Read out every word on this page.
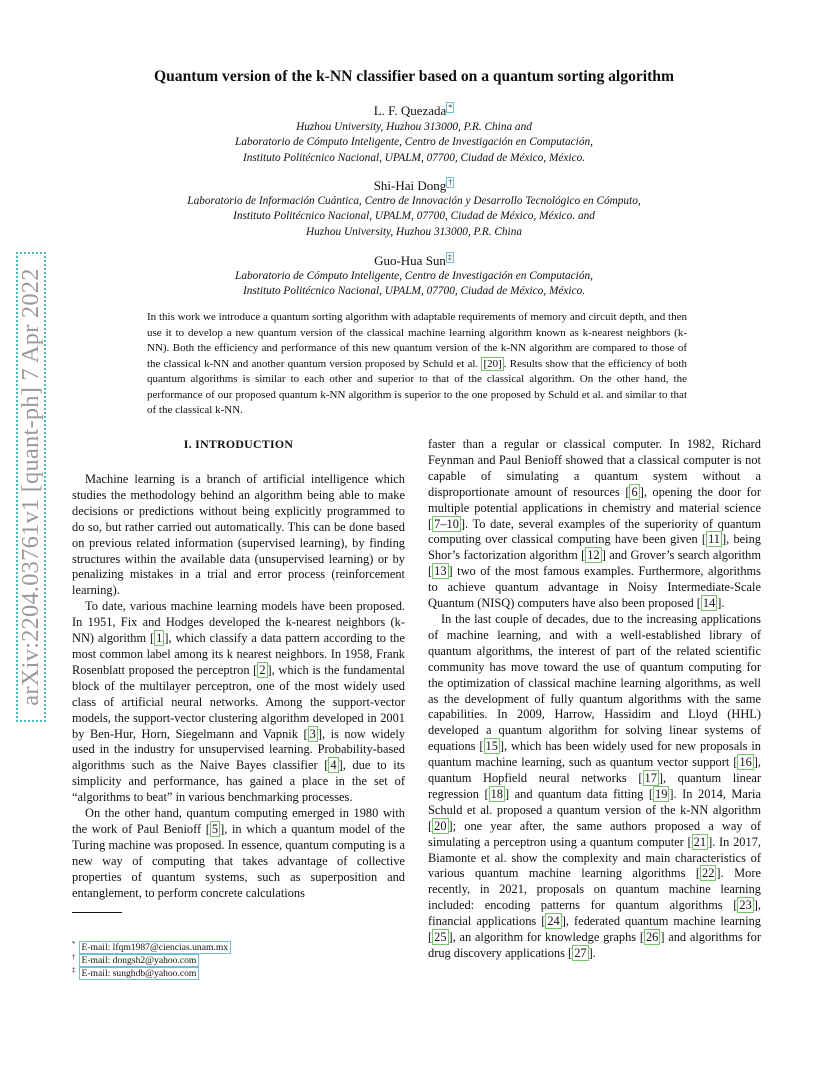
arXiv:2204.03761v1 [quant-ph] 7 Apr 2022
Quantum version of the k-NN classifier based on a quantum sorting algorithm
L. F. Quezada *
Huzhou University, Huzhou 313000, P.R. China and
Laboratorio de Cómputo Inteligente, Centro de Investigación en Computación,
Instituto Politécnico Nacional, UPALM, 07700, Ciudad de México, México.
Shi-Hai Dong †
Laboratorio de Información Cuántica, Centro de Innovación y Desarrollo Tecnológico en Cómputo,
Instituto Politécnico Nacional, UPALM, 07700, Ciudad de México, México. and
Huzhou University, Huzhou 313000, P.R. China
Guo-Hua Sun ‡
Laboratorio de Cómputo Inteligente, Centro de Investigación en Computación,
Instituto Politécnico Nacional, UPALM, 07700, Ciudad de México, México.
In this work we introduce a quantum sorting algorithm with adaptable requirements of memory and circuit depth, and then use it to develop a new quantum version of the classical machine learning algorithm known as k-nearest neighbors (k-NN). Both the efficiency and performance of this new quantum version of the k-NN algorithm are compared to those of the classical k-NN and another quantum version proposed by Schuld et al. [20] . Results show that the efficiency of both quantum algorithms is similar to each other and superior to that of the classical algorithm. On the other hand, the performance of our proposed quantum k-NN algorithm is superior to the one proposed by Schuld et al. and similar to that of the classical k-NN.
I. INTRODUCTION

Machine learning is a branch of artificial intelligence which studies the methodology behind an algorithm being able to make decisions or predictions without being explicitly programmed to do so, but rather carried out automatically. This can be done based on previous related information (supervised learning), by finding structures within the available data (unsupervised learning) or by penalizing mistakes in a trial and error process (reinforcement learning).

To date, various machine learning models have been proposed. In 1951, Fix and Hodges developed the k-nearest neighbors (k-NN) algorithm [ 1 ], which classify a data pattern according to the most common label among its k nearest neighbors. In 1958, Frank Rosenblatt proposed the perceptron [ 2 ], which is the fundamental block of the multilayer perceptron, one of the most widely used class of artificial neural networks. Among the support-vector models, the support-vector clustering algorithm developed in 2001 by Ben-Hur, Horn, Siegelmann and Vapnik [ 3 ], is now widely used in the industry for unsupervised learning. Probability-based algorithms such as the Naive Bayes classifier [ 4 ], due to its simplicity and performance, has gained a place in the set of “algorithms to beat” in various benchmarking processes.

On the other hand, quantum computing emerged in 1980 with the work of Paul Benioff [ 5 ], in which a quantum model of the Turing machine was proposed. In essence, quantum computing is a new way of computing that takes advantage of collective properties of quantum systems, such as superposition and entanglement, to perform concrete calculations

faster than a regular or classical computer. In 1982, Richard Feynman and Paul Benioff showed that a classical computer is not capable of simulating a quantum system without a disproportionate amount of resources [ 6 ], opening the door for multiple potential applications in chemistry and material science [ 7–10 ]. To date, several examples of the superiority of quantum computing over classical computing have been given [ 11 ], being Shor’s factorization algorithm [ 12 ] and Grover’s search algorithm [ 13 ] two of the most famous examples. Furthermore, algorithms to achieve quantum advantage in Noisy Intermediate-Scale Quantum (NISQ) computers have also been proposed [ 14 ].

In the last couple of decades, due to the increasing applications of machine learning, and with a well-established library of quantum algorithms, the interest of part of the related scientific community has move toward the use of quantum computing for the optimization of classical machine learning algorithms, as well as the development of fully quantum algorithms with the same capabilities. In 2009, Harrow, Hassidim and Lloyd (HHL) developed a quantum algorithm for solving linear systems of equations [ 15 ], which has been widely used for new proposals in quantum machine learning, such as quantum vector support [ 16 ], quantum Hopfield neural networks [ 17 ], quantum linear regression [ 18 ] and quantum data fitting [ 19 ]. In 2014, Maria Schuld et al. proposed a quantum version of the k-NN algorithm [ 20 ]; one year after, the same authors proposed a way of simulating a perceptron using a quantum computer [ 21 ]. In 2017, Biamonte et al. show the complexity and main characteristics of various quantum machine learning algorithms [ 22 ]. More recently, in 2021, proposals on quantum machine learning included: encoding patterns for quantum algorithms [ 23 ], financial applications [ 24 ], federated quantum machine learning [ 25 ], an algorithm for knowledge graphs [ 26 ] and algorithms for drug discovery applications [ 27 ].

* E-mail: lfqm1987@ciencias.unam.mx
† E-mail: dongsh2@yahoo.com
‡ E-mail: sunghdb@yahoo.com
